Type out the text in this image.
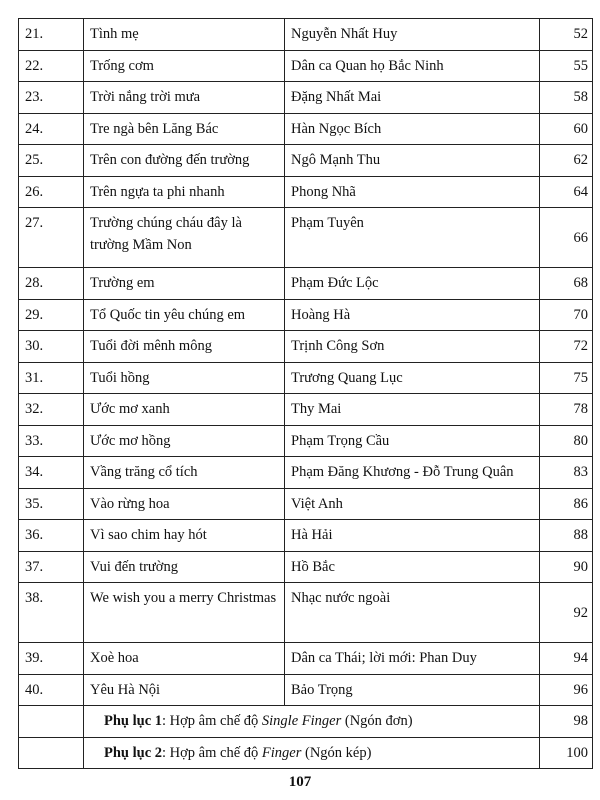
21.	Tình mẹ	Nguyễn Nhất Huy	52
22.	Trống cơm	Dân ca Quan họ Bắc Ninh	55
23.	Trời nắng trời mưa	Đặng Nhất Mai	58
24.	Tre ngà bên Lăng Bác	Hàn Ngọc Bích	60
25.	Trên con đường đến trường	Ngô Mạnh Thu	62
26.	Trên ngựa ta phi nhanh	Phong Nhã	64
27.	Trường chúng cháu đây là trường Mầm Non	Phạm Tuyên	66
28.	Trường em	Phạm Đức Lộc	68
29.	Tổ Quốc tin yêu chúng em	Hoàng Hà	70
30.	Tuổi đời mênh mông	Trịnh Công Sơn	72
31.	Tuổi hồng	Trương Quang Lục	75
32.	Ước mơ xanh	Thy Mai	78
33.	Ước mơ hồng	Phạm Trọng Cầu	80
34.	Vầng trăng cổ tích	Phạm Đăng Khương - Đỗ Trung Quân	83
35.	Vào rừng hoa	Việt Anh	86
36.	Vì sao chim hay hót	Hà Hải	88
37.	Vui đến trường	Hồ Bắc	90
38.	We wish you a merry Christmas	Nhạc nước ngoài	92
39.	Xoè hoa	Dân ca Thái; lời mới: Phan Duy	94
40.	Yêu Hà Nội	Bảo Trọng	96
	Phụ lục 1: Hợp âm chế độ Single Finger (Ngón đơn)		98
	Phụ lục 2: Hợp âm chế độ Finger (Ngón kép)		100
107
